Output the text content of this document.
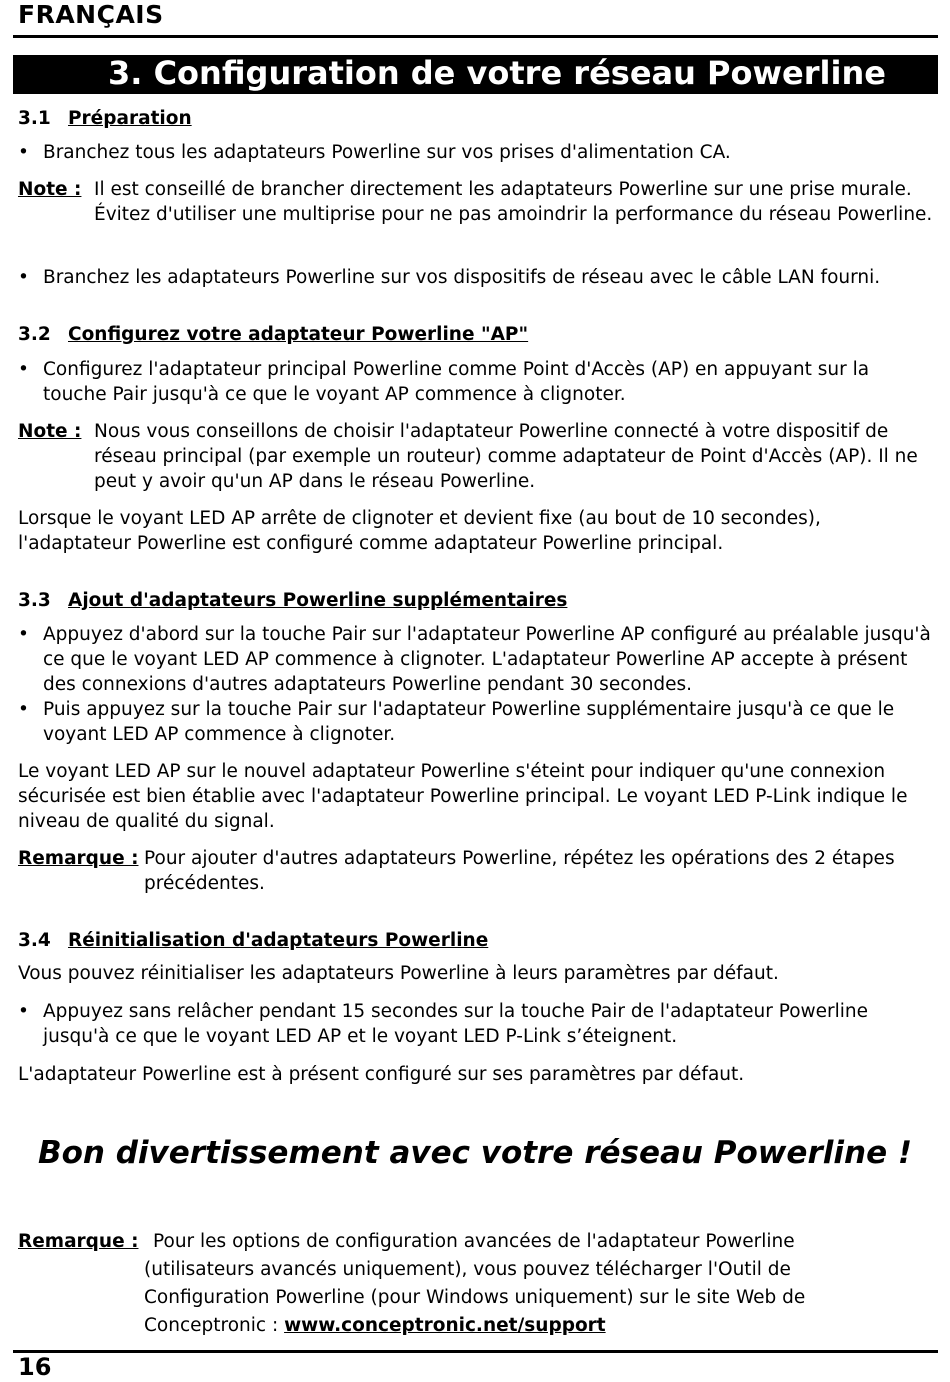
FRANÇAIS
3. Configuration de votre réseau Powerline
3.1 Préparation
• Branchez tous les adaptateurs Powerline sur vos prises d'alimentation CA.
Note : Il est conseillé de brancher directement les adaptateurs Powerline sur une prise murale. Évitez d'utiliser une multiprise pour ne pas amoindrir la performance du réseau Powerline.
• Branchez les adaptateurs Powerline sur vos dispositifs de réseau avec le câble LAN fourni.
3.2 Configurez votre adaptateur Powerline "AP"
• Configurez l'adaptateur principal Powerline comme Point d'Accès (AP) en appuyant sur la touche Pair jusqu'à ce que le voyant AP commence à clignoter.
Note : Nous vous conseillons de choisir l'adaptateur Powerline connecté à votre dispositif de réseau principal (par exemple un routeur) comme adaptateur de Point d'Accès (AP). Il ne peut y avoir qu'un AP dans le réseau Powerline.
Lorsque le voyant LED AP arrête de clignoter et devient fixe (au bout de 10 secondes), l'adaptateur Powerline est configuré comme adaptateur Powerline principal.
3.3 Ajout d'adaptateurs Powerline supplémentaires
• Appuyez d'abord sur la touche Pair sur l'adaptateur Powerline AP configuré au préalable jusqu'à ce que le voyant LED AP commence à clignoter. L'adaptateur Powerline AP accepte à présent des connexions d'autres adaptateurs Powerline pendant 30 secondes.
• Puis appuyez sur la touche Pair sur l'adaptateur Powerline supplémentaire jusqu'à ce que le voyant LED AP commence à clignoter.
Le voyant LED AP sur le nouvel adaptateur Powerline s'éteint pour indiquer qu'une connexion sécurisée est bien établie avec l'adaptateur Powerline principal. Le voyant LED P-Link indique le niveau de qualité du signal.
Remarque : Pour ajouter d'autres adaptateurs Powerline, répétez les opérations des 2 étapes précédentes.
3.4 Réinitialisation d'adaptateurs Powerline
Vous pouvez réinitialiser les adaptateurs Powerline à leurs paramètres par défaut.
• Appuyez sans relâcher pendant 15 secondes sur la touche Pair de l'adaptateur Powerline jusqu'à ce que le voyant LED AP et le voyant LED P-Link s’éteignent.
L'adaptateur Powerline est à présent configuré sur ses paramètres par défaut.
Bon divertissement avec votre réseau Powerline !
Remarque : Pour les options de configuration avancées de l'adaptateur Powerline
(utilisateurs avancés uniquement), vous pouvez télécharger l'Outil de
Configuration Powerline (pour Windows uniquement) sur le site Web de
Conceptronic : www.conceptronic.net/support
16
